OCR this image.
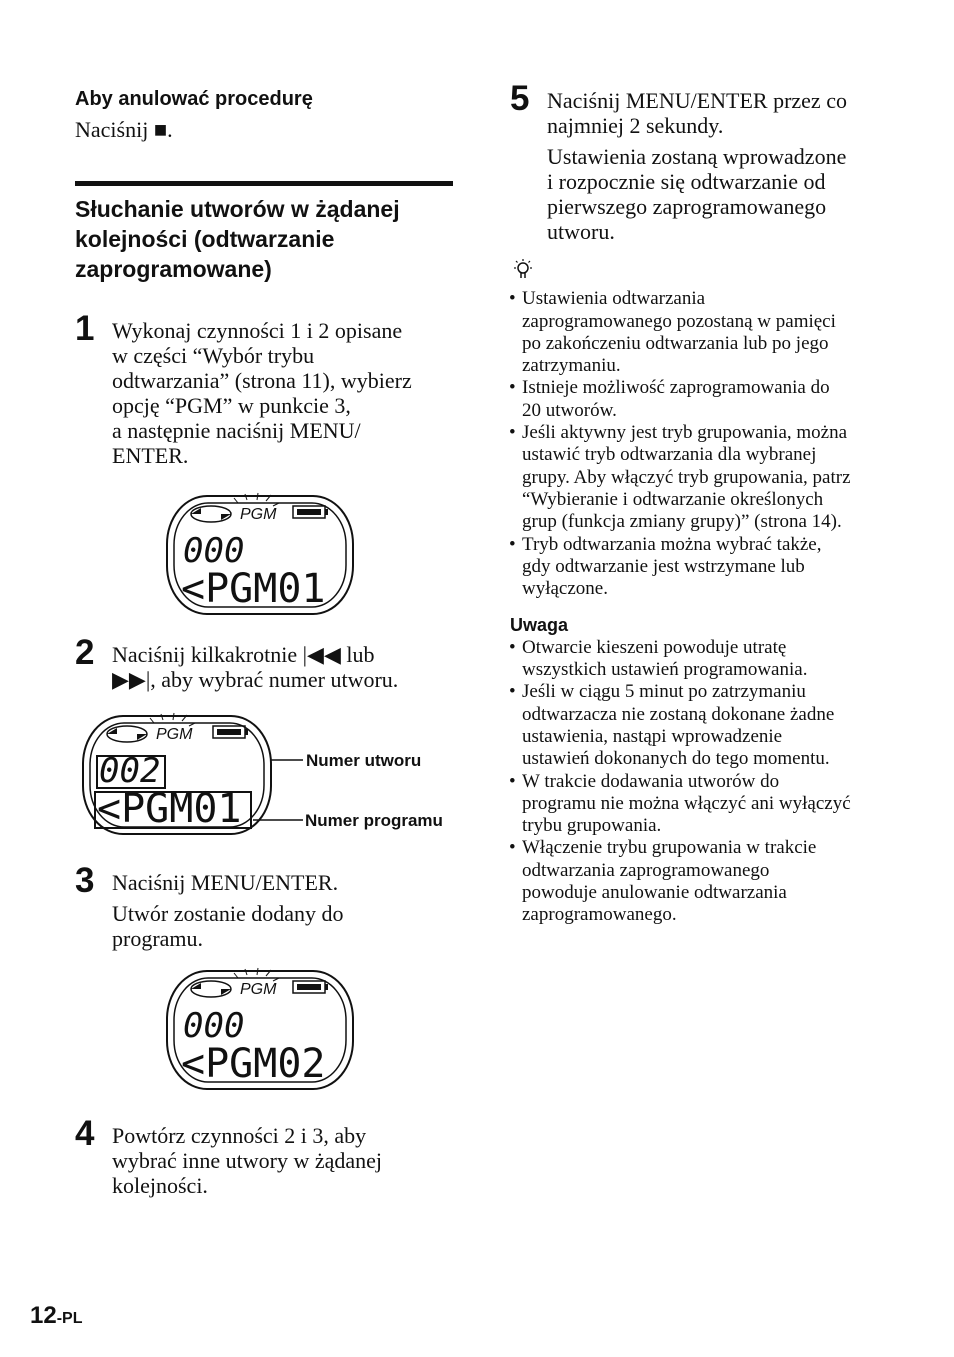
Aby anulować procedurę

Naciśnij ■.

Słuchanie utworów w żądanej kolejności (odtwarzanie zaprogramowane)
1 Wykonaj czynności 1 i 2 opisane

w części “Wybór trybu

odtwarzania” (strona 11), wybierz

opcję “PGM” w punkcie 3,

a następnie naciśnij MENU/

ENTER.

PGM
000
<PGM01
2 Naciśnij kilkakrotnie |◀◀ lub

▶▶|, aby wybrać numer utworu.

PGM
002
<PGM01
Numer utworu
Numer programu
3 Naciśnij MENU/ENTER.

Utwór zostanie dodany do

programu.

PGM
000
<PGM02
4 Powtórz czynności 2 i 3, aby

wybrać inne utwory w żądanej

kolejności.

5 Naciśnij MENU/ENTER przez co

najmniej 2 sekundy.

Ustawienia zostaną wprowadzone

i rozpocznie się odtwarzanie od

pierwszego zaprogramowanego

utworu.

• Ustawienia odtwarzania
zaprogramowanego pozostaną w pamięci
po zakończeniu odtwarzania lub po jego
zatrzymaniu.
• Istnieje możliwość zaprogramowania do
20 utworów.
• Jeśli aktywny jest tryb grupowania, można
ustawić tryb odtwarzania dla wybranej
grupy. Aby włączyć tryb grupowania, patrz
“Wybieranie i odtwarzanie określonych
grup (funkcja zmiany grupy)” (strona 14).
• Tryb odtwarzania można wybrać także,
gdy odtwarzanie jest wstrzymane lub
wyłączone.

Uwaga

• Otwarcie kieszeni powoduje utratę
wszystkich ustawień programowania.
• Jeśli w ciągu 5 minut po zatrzymaniu
odtwarzacza nie zostaną dokonane żadne
ustawienia, nastąpi wprowadzenie
ustawień dokonanych do tego momentu.
• W trakcie dodawania utworów do
programu nie można włączyć ani wyłączyć
trybu grupowania.
• Włączenie trybu grupowania w trakcie
odtwarzania zaprogramowanego
powoduje anulowanie odtwarzania
zaprogramowanego.
12-PL
